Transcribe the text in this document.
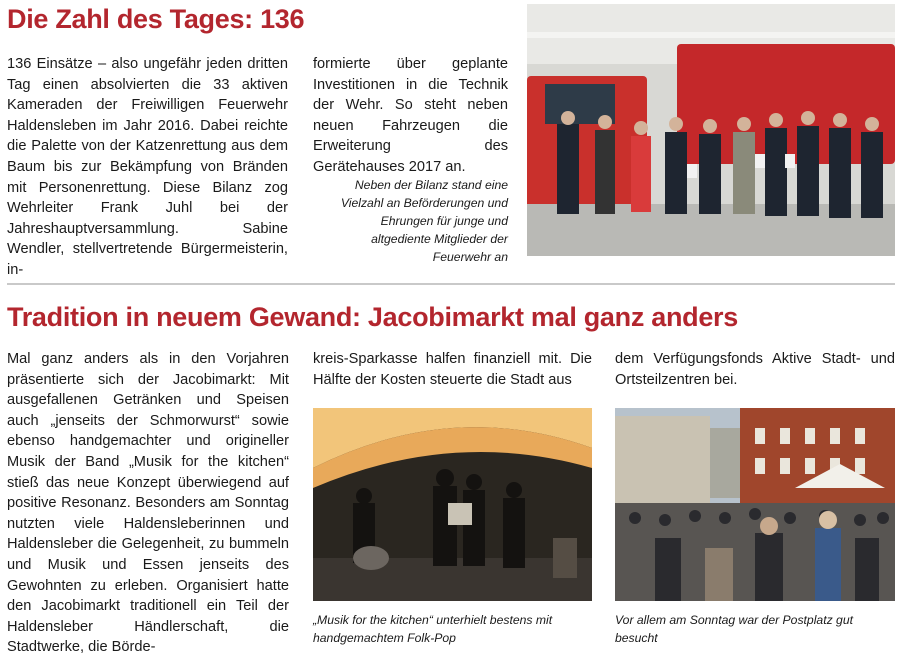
Die Zahl des Tages: 136

136 Einsätze – also ungefähr jeden dritten Tag einen absolvierten die 33 aktiven Kameraden der Freiwilligen Feuerwehr Haldensleben im Jahr 2016. Dabei reichte die Palette von der Katzenrettung aus dem Baum bis zur Bekämpfung von Bränden mit Personenrettung. Diese Bilanz zog Wehrleiter Frank Juhl bei der Jahreshauptversammlung. Sabine Wendler, stellvertretende Bürgermeisterin, in-

formierte über geplante Investitionen in die Technik der Wehr. So steht neben neuen Fahrzeugen die Erweiterung des Gerätehauses 2017 an.

Neben der Bilanz stand eine Vielzahl an Beförderungen und Ehrungen für junge und altgediente Mitglieder der Feuerwehr an

Tradition in neuem Gewand: Jacobimarkt mal ganz anders

Mal ganz anders als in den Vorjahren präsentierte sich der Jacobimarkt: Mit ausgefallenen Getränken und Speisen auch „jenseits der Schmorwurst“ sowie ebenso handgemachter und origineller Musik der Band „Musik for the kitchen“ stieß das neue Konzept überwiegend auf positive Resonanz. Besonders am Sonntag nutzten viele Haldensleberinnen und Haldensleber die Gelegenheit, zu bummeln und Musik und Essen jenseits des Gewohnten zu erleben. Organisiert hatte den Jacobimarkt traditionell ein Teil der Haldensleber Händlerschaft, die Stadtwerke, die Börde-

kreis-Sparkasse halfen finanziell mit. Die Hälfte der Kosten steuerte die Stadt aus

dem Verfügungsfonds Aktive Stadt- und Ortsteilzentren bei.

„Musik for the kitchen“ unterhielt bestens mit handgemachtem Folk-Pop

Vor allem am Sonntag war der Postplatz gut besucht
